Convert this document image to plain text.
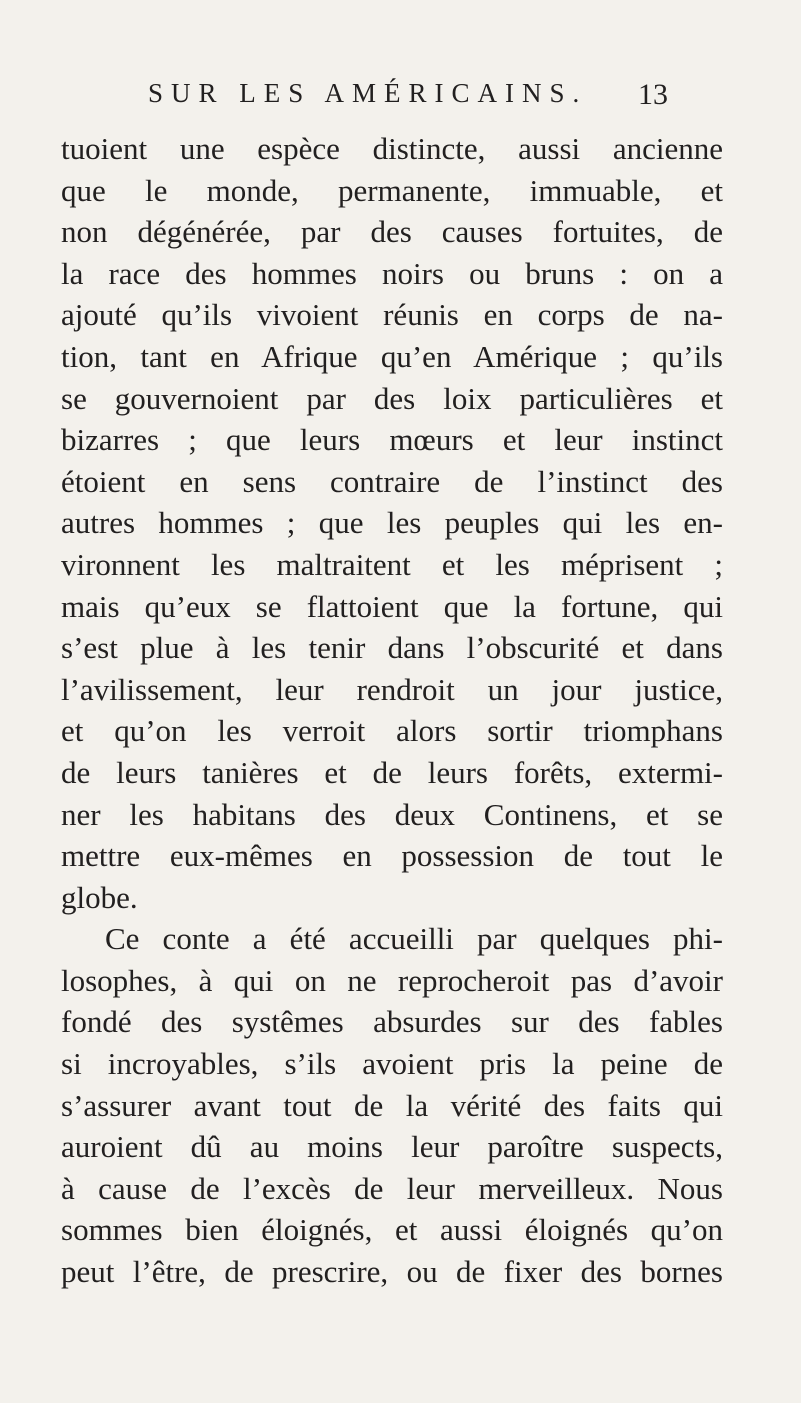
SUR LES AMÉRICAINS. 13
tuoient une espèce distincte, aussi ancienne
que le monde, permanente, immuable, et
non dégénérée, par des causes fortuites, de
la race des hommes noirs ou bruns : on a
ajouté qu’ils vivoient réunis en corps de na-
tion, tant en Afrique qu’en Amérique ; qu’ils
se gouvernoient par des loix particulières et
bizarres ; que leurs mœurs et leur instinct
étoient en sens contraire de l’instinct des
autres hommes ; que les peuples qui les en-
vironnent les maltraitent et les méprisent ;
mais qu’eux se flattoient que la fortune, qui
s’est plue à les tenir dans l’obscurité et dans
l’avilissement, leur rendroit un jour justice,
et qu’on les verroit alors sortir triomphans
de leurs tanières et de leurs forêts, extermi-
ner les habitans des deux Continens, et se
mettre eux-mêmes en possession de tout le
globe.
Ce conte a été accueilli par quelques phi-
losophes, à qui on ne reprocheroit pas d’avoir
fondé des systêmes absurdes sur des fables
si incroyables, s’ils avoient pris la peine de
s’assurer avant tout de la vérité des faits qui
auroient dû au moins leur paroître suspects,
à cause de l’excès de leur merveilleux. Nous
sommes bien éloignés, et aussi éloignés qu’on
peut l’être, de prescrire, ou de fixer des bornes
